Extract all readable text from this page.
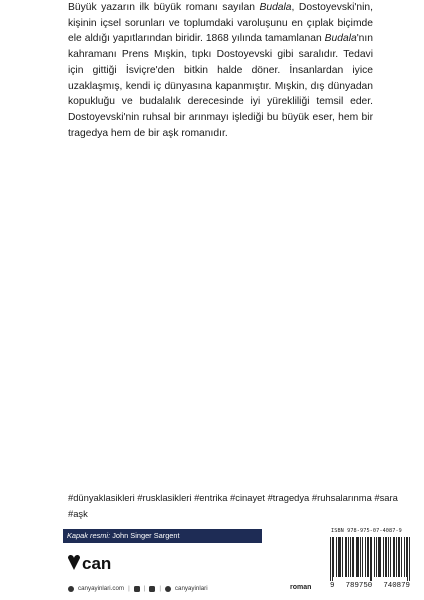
Büyük yazarın ilk büyük romanı sayılan Budala, Dostoyevski'nin, kişinin içsel sorunları ve toplumdaki varoluşunu en çıplak biçimde ele aldığı yapıtlarından biridir. 1868 yılında tamamlanan Budala'nın kahramanı Prens Mışkin, tıpkı Dostoyevski gibi saralıdır. Tedavi için gittiği İsviçre'den bitkin halde döner. İnsanlardan iyice uzaklaşmış, kendi iç dünyasına kapanmıştır. Mışkin, dış dünyadan kopukluğu ve budalalık derecesinde iyi yürekliliği temsil eder. Dostoyevski'nin ruhsal bir arınmayı işlediği bu büyük eser, hem bir tragedya hem de bir aşk romanıdır.

#dünyaklasikleri #rusklasikleri #entrika #cinayet #tragedya #ruhsalarınma #sara #aşk
Kapak resmi: John Singer Sargent
can
canyayinlari.com | | | canyayinlari	roman
ISBN 978-975-07-4087-9
9 789750 740879
